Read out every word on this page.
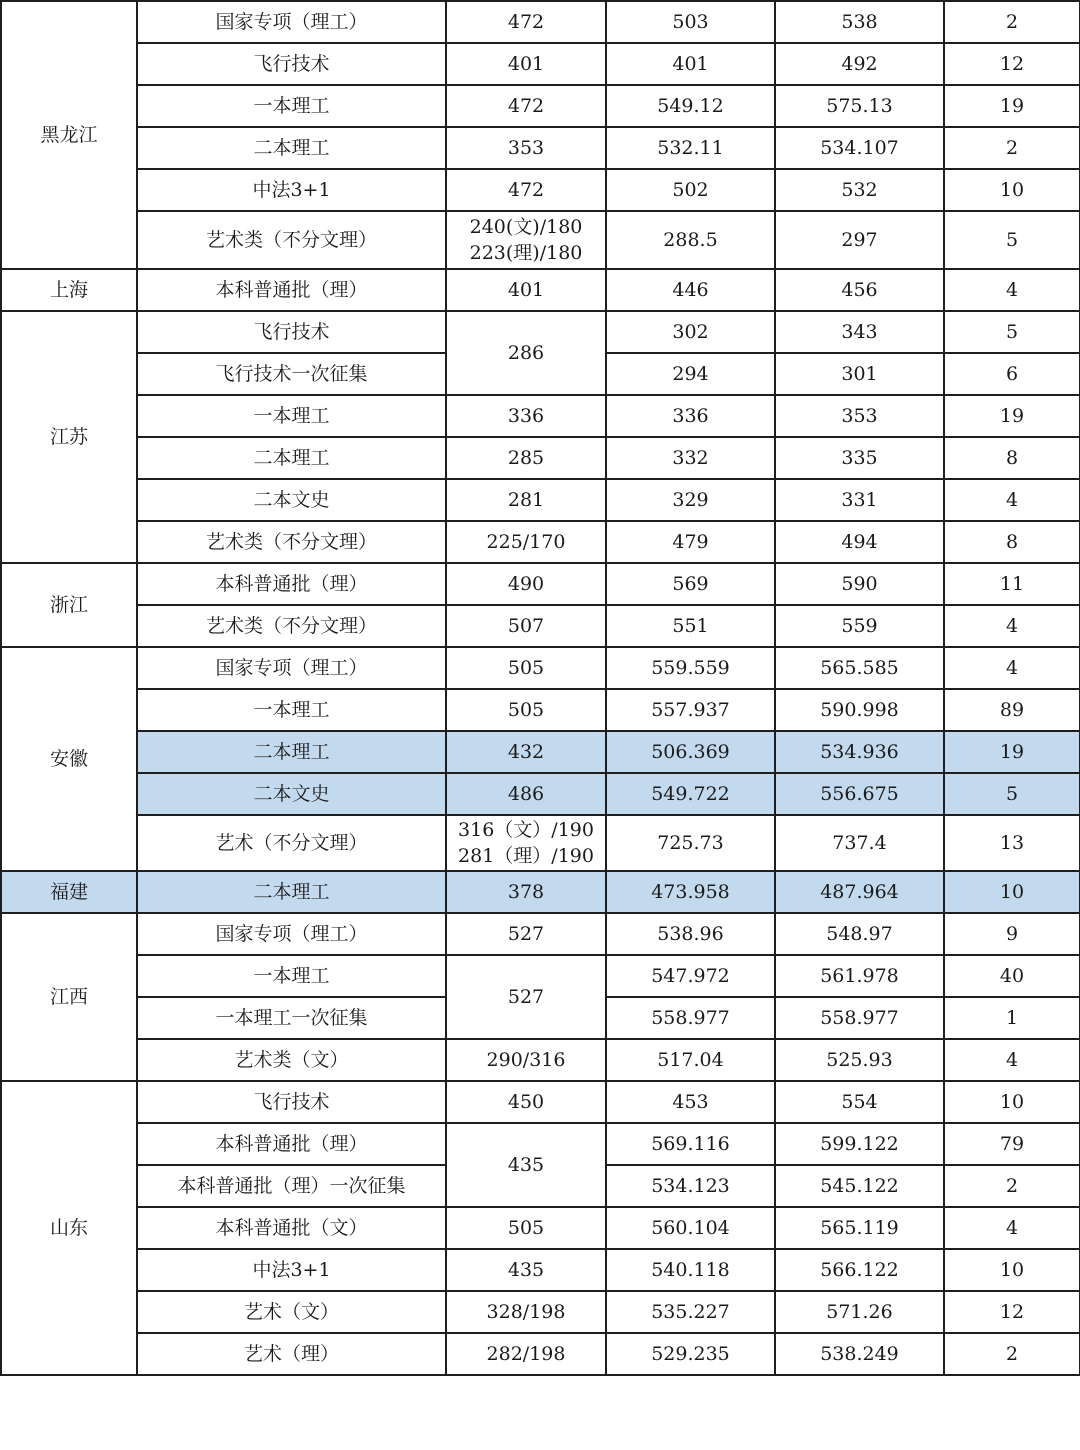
黑龙江	国家专项（理工）	472	503	538	2
	飞行技术	401	401	492	12
	一本理工	472	549.12	575.13	19
	二本理工	353	532.11	534.107	2
	中法3+1	472	502	532	10
	艺术类（不分文理）	240(文)/180
223(理)/180	288.5	297	5
上海	本科普通批（理）	401	446	456	4
江苏	飞行技术	286	302	343	5
	飞行技术一次征集		294	301	6
	一本理工	336	336	353	19
	二本理工	285	332	335	8
	二本文史	281	329	331	4
	艺术类（不分文理）	225/170	479	494	8
浙江	本科普通批（理）	490	569	590	11
	艺术类（不分文理）	507	551	559	4
安徽	国家专项（理工）	505	559.559	565.585	4
	一本理工	505	557.937	590.998	89
	二本理工	432	506.369	534.936	19
	二本文史	486	549.722	556.675	5
	艺术（不分文理）	316（文）/190
281（理）/190	725.73	737.4	13
福建	二本理工	378	473.958	487.964	10
江西	国家专项（理工）	527	538.96	548.97	9
	一本理工	527	547.972	561.978	40
	一本理工一次征集		558.977	558.977	1
	艺术类（文）	290/316	517.04	525.93	4
山东	飞行技术	450	453	554	10
	本科普通批（理）	435	569.116	599.122	79
	本科普通批（理）一次征集		534.123	545.122	2
	本科普通批（文）	505	560.104	565.119	4
	中法3+1	435	540.118	566.122	10
	艺术（文）	328/198	535.227	571.26	12
	艺术（理）	282/198	529.235	538.249	2
